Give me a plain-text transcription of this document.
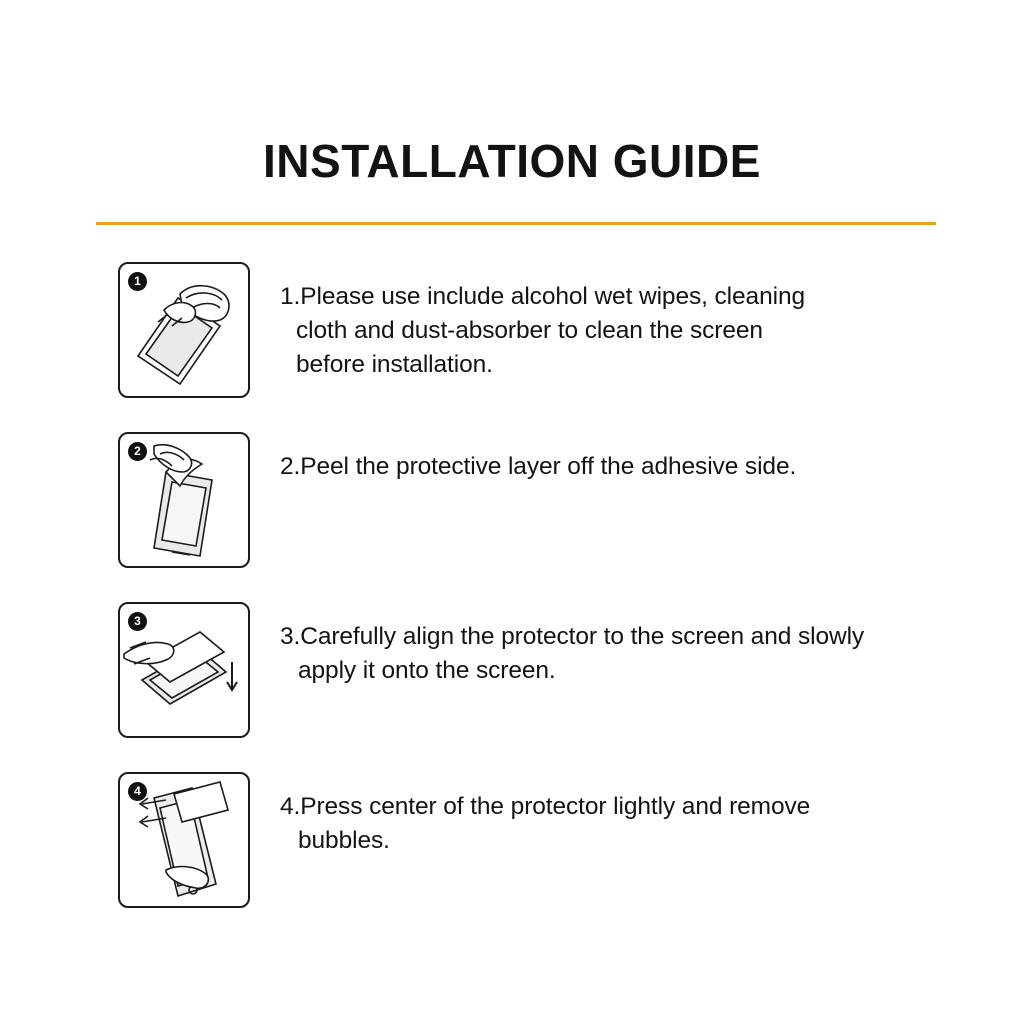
INSTALLATION GUIDE
1
1.Please use include alcohol wet wipes, cleaning
cloth and dust-absorber to clean the screen
before installation.
2
2.Peel the protective layer off the adhesive side.
3
3.Carefully align the protector to the screen and slowly
apply it onto the screen.
4
4.Press center of the protector lightly and remove
bubbles.
